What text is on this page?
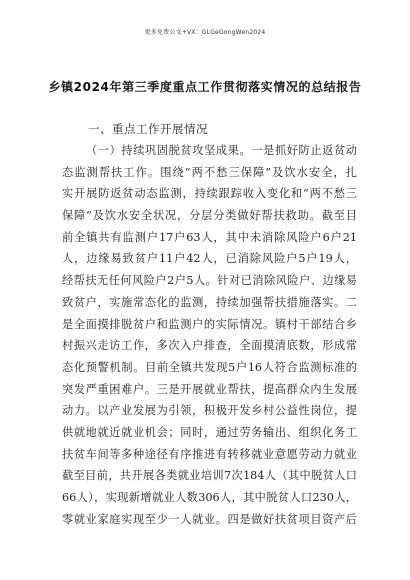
更多免费公文+VX：GLGeGongWen2024
乡镇2024年第三季度重点工作贯彻落实情况的总结报告
一、重点工作开展情况
（一）持续巩固脱贫攻坚成果。一是抓好防止返贫动
态监测帮扶工作。围绕“两不愁三保障”及饮水安全，扎
实开展防返贫动态监测，持续跟踪收入变化和“两不愁三
保障”及饮水安全状况，分层分类做好帮扶救助。截至目
前全镇共有监测户17户63人，其中未消除风险户6户21
人，边缘易致贫户11户42人，已消除风险户5户19人，
经帮扶无任何风险户2户5人。针对已消除风险户、边缘易
致贫户，实施常态化的监测，持续加强帮扶措施落实。二
是全面摸排脱贫户和监测户的实际情况。镇村干部结合乡
村振兴走访工作，多次入户排查，全面摸清底数，形成常
态化预警机制。目前全镇共发现5户16人符合监测标准的
突发严重困难户。三是开展就业帮扶，提高群众内生发展
动力。以产业发展为引领，积极开发乡村公益性岗位，提
供就地就近就业机会；同时，通过劳务输出、组织化务工
扶贫车间等多种途径有序推进有转移就业意愿劳动力就业
截至目前，共开展各类就业培训7次184人（其中脱贫人口
66人），实现新增就业人数306人，其中脱贫人口230人，
零就业家庭实现至少一人就业。四是做好扶贫项目资产后
